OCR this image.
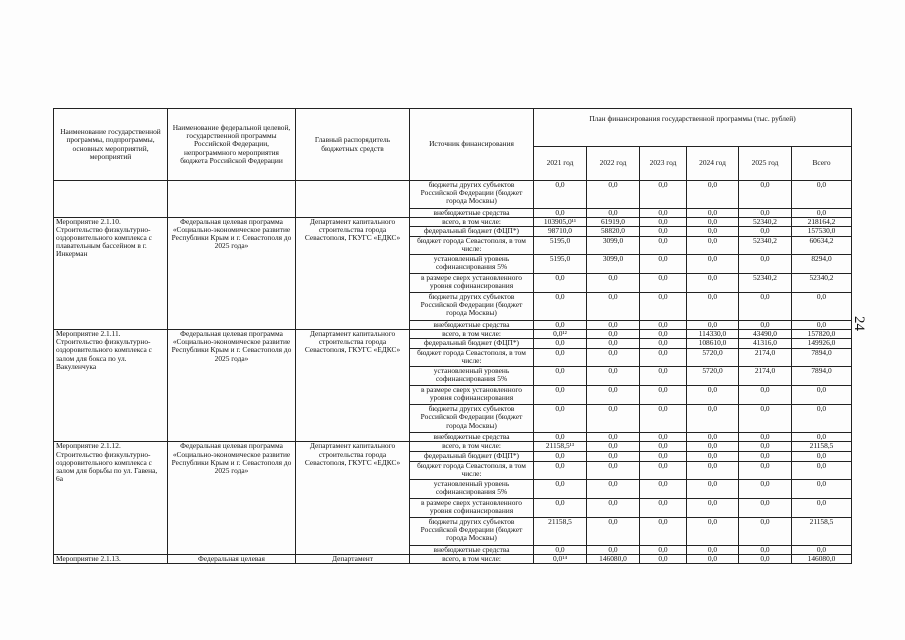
Наименование государственной программы, подпрограммы, основных мероприятий, мероприятий	Наименование федеральной целевой, государственной программы Российской Федерации, непрограммного мероприятия бюджета Российской Федерации	Главный распорядитель бюджетных средств	Источник финансирования	План финансирования государственной программы (тыс. рублей)					
				2021 год	2022 год	2023 год	2024 год	2025 год	Всего
			бюджеты других субъектов Российской Федерации (бюджет города Москвы)	0,0	0,0	0,0	0,0	0,0	0,0
			внебюджетные средства	0,0	0,0	0,0	0,0	0,0	0,0
Мероприятие 2.1.10. Строительство физкультурно-оздоровительного комплекса с плавательным бассейном в г. Инкерман	Федеральная целевая программа «Социально-экономическое развитие Республики Крым и г. Севастополя до 2025 года»	Департамент капитального строительства города Севастополя, ГКУГС «ЕДКС»	всего, в том числе:	103905,0¹¹	61919,0	0,0	0,0	52340,2	218164,2
			федеральный бюджет (ФЦП*)	98710,0	58820,0	0,0	0,0	0,0	157530,0
			бюджет города Севастополя, в том числе:	5195,0	3099,0	0,0	0,0	52340,2	60634,2
			установленный уровень софинансирования 5%	5195,0	3099,0	0,0	0,0	0,0	8294,0
			в размере сверх установленного уровня софинансирования	0,0	0,0	0,0	0,0	52340,2	52340,2
			бюджеты других субъектов Российской Федерации (бюджет города Москвы)	0,0	0,0	0,0	0,0	0,0	0,0
			внебюджетные средства	0,0	0,0	0,0	0,0	0,0	0,0
Мероприятие 2.1.11. Строительство физкультурно-оздоровительного комплекса с залом для бокса по ул. Вакуленчука	Федеральная целевая программа «Социально-экономическое развитие Республики Крым и г. Севастополя до 2025 года»	Департамент капитального строительства города Севастополя, ГКУГС «ЕДКС»	всего, в том числе:	0,0¹²	0,0	0,0	114330,0	43490,0	157820,0
			федеральный бюджет (ФЦП*)	0,0	0,0	0,0	108610,0	41316,0	149926,0
			бюджет города Севастополя, в том числе:	0,0	0,0	0,0	5720,0	2174,0	7894,0
			установленный уровень софинансирования 5%	0,0	0,0	0,0	5720,0	2174,0	7894,0
			в размере сверх установленного уровня софинансирования	0,0	0,0	0,0	0,0	0,0	0,0
			бюджеты других субъектов Российской Федерации (бюджет города Москвы)	0,0	0,0	0,0	0,0	0,0	0,0
			внебюджетные средства	0,0	0,0	0,0	0,0	0,0	0,0
Мероприятие 2.1.12. Строительство физкультурно-оздоровительного комплекса с залом для борьбы по ул. Гавена, 6а	Федеральная целевая программа «Социально-экономическое развитие Республики Крым и г. Севастополя до 2025 года»	Департамент капитального строительства города Севастополя, ГКУГС «ЕДКС»	всего, в том числе:	21158,5¹³	0,0	0,0	0,0	0,0	21158,5
			федеральный бюджет (ФЦП*)	0,0	0,0	0,0	0,0	0,0	0,0
			бюджет города Севастополя, в том числе:	0,0	0,0	0,0	0,0	0,0	0,0
			установленный уровень софинансирования 5%	0,0	0,0	0,0	0,0	0,0	0,0
			в размере сверх установленного уровня софинансирования	0,0	0,0	0,0	0,0	0,0	0,0
			бюджеты других субъектов Российской Федерации (бюджет города Москвы)	21158,5	0,0	0,0	0,0	0,0	21158,5
			внебюджетные средства	0,0	0,0	0,0	0,0	0,0	0,0
Мероприятие 2.1.13.	Федеральная целевая	Департамент	всего, в том числе:	0,0¹⁴	146080,0	0,0	0,0	0,0	146080,0
24
